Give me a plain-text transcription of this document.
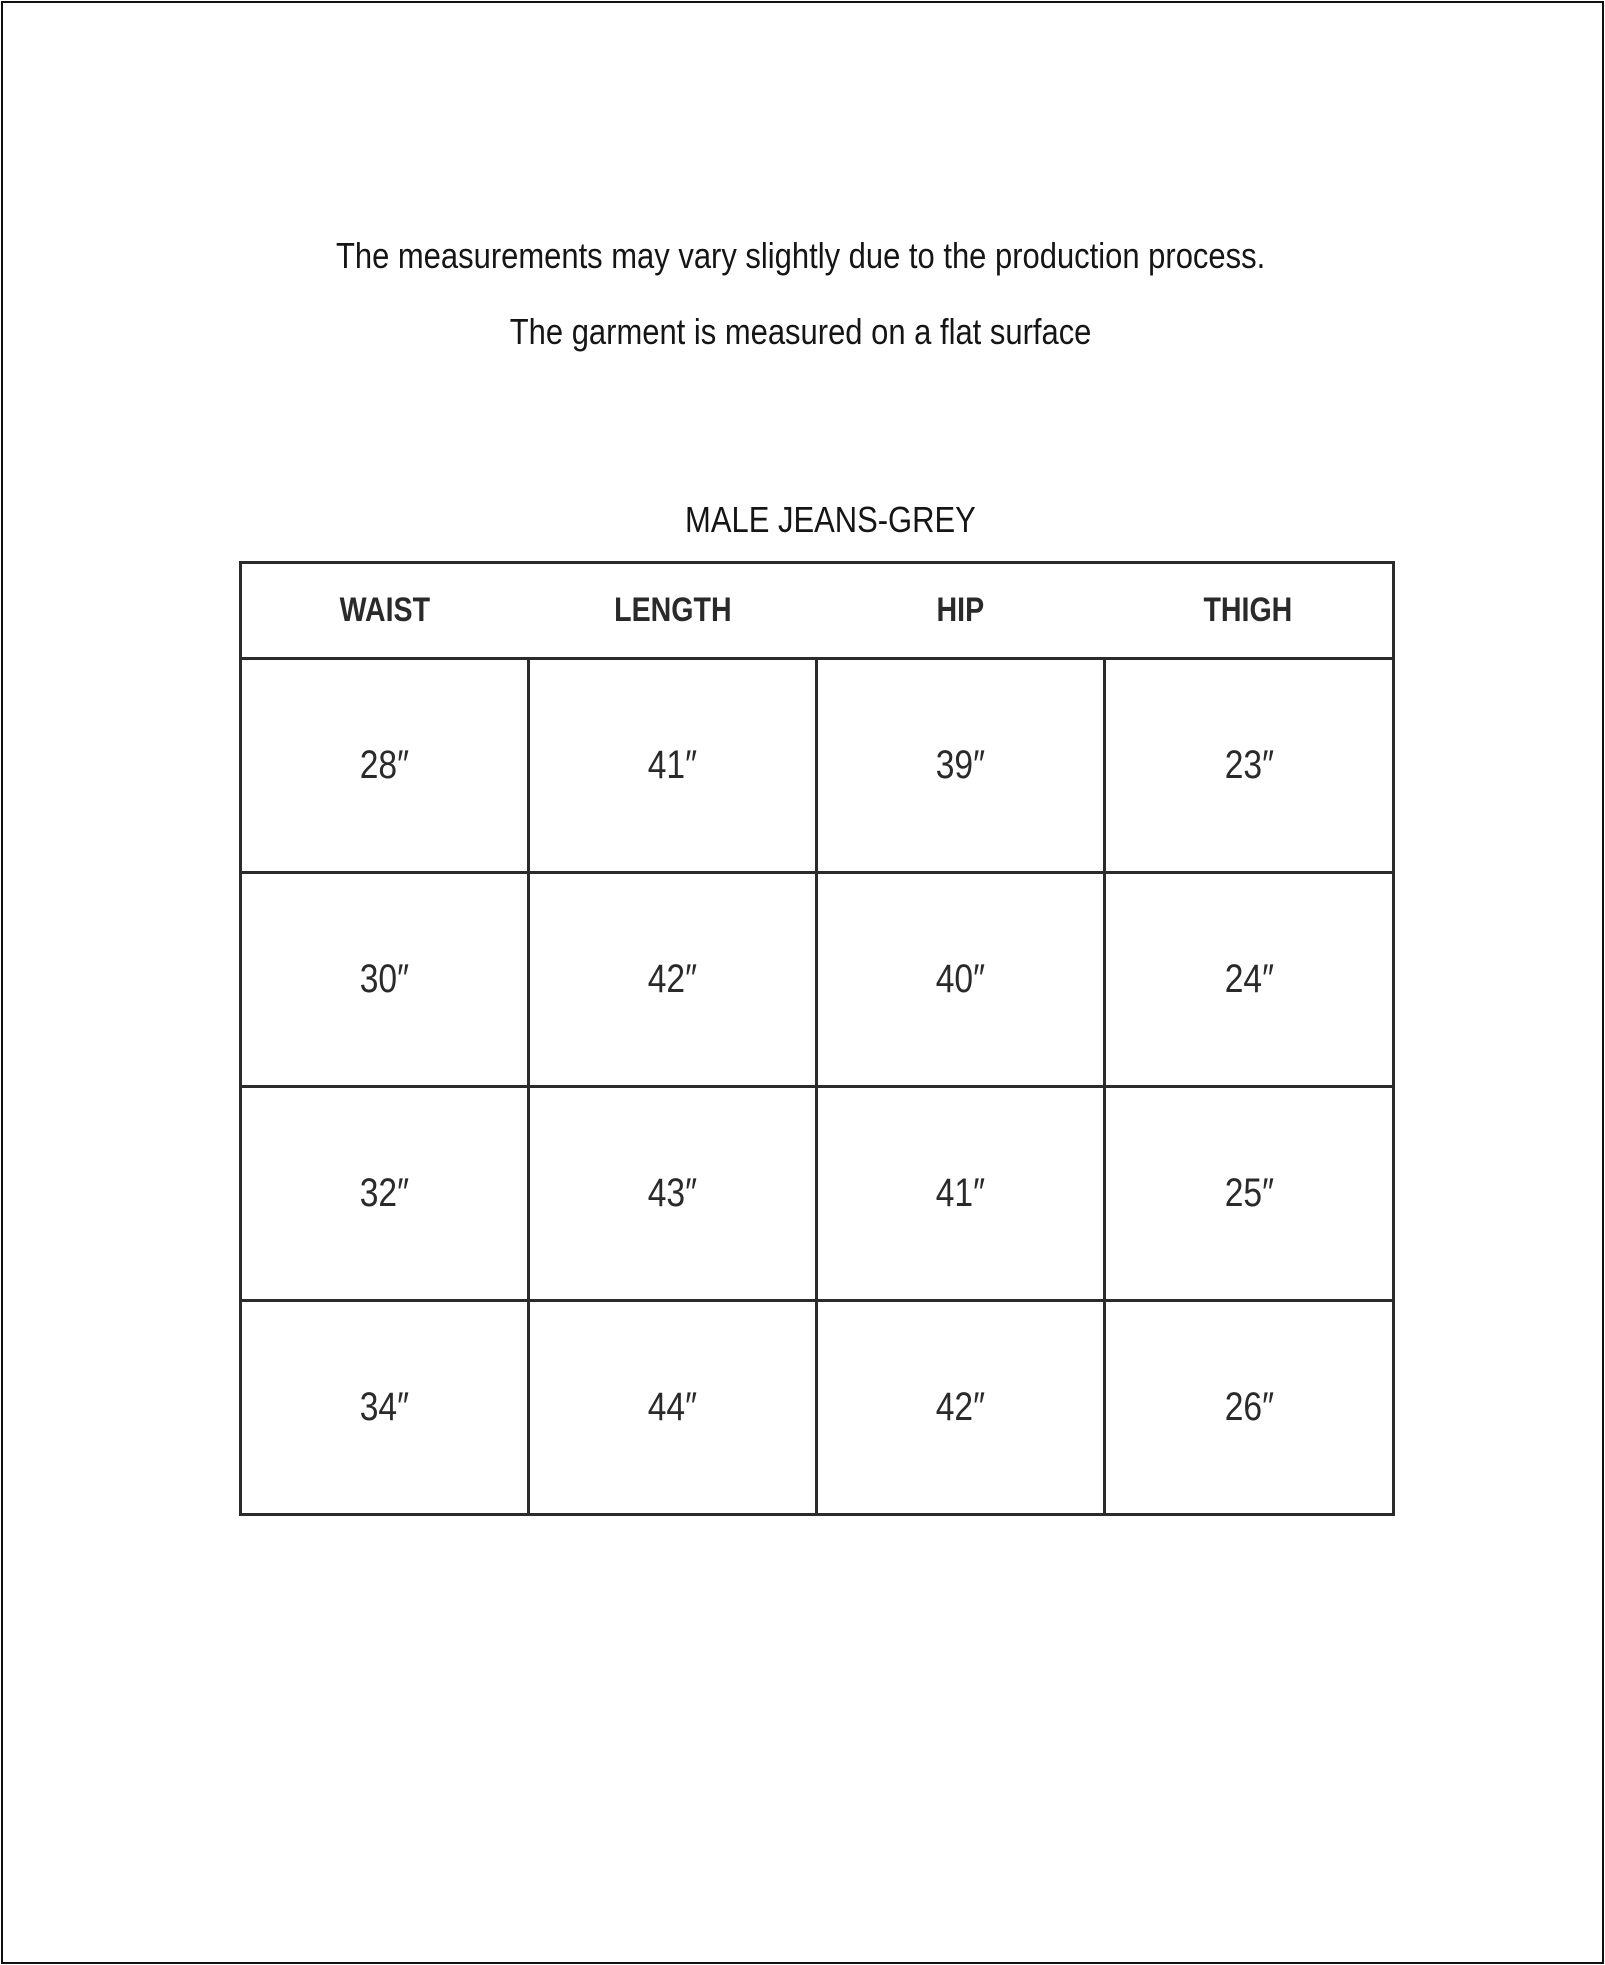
The measurements may vary slightly due to the production process.
The garment is measured on a flat surface
MALE JEANS-GREY
WAIST	LENGTH	HIP	THIGH
28″	41″	39″	23″
30″	42″	40″	24″
32″	43″	41″	25″
34″	44″	42″	26″
